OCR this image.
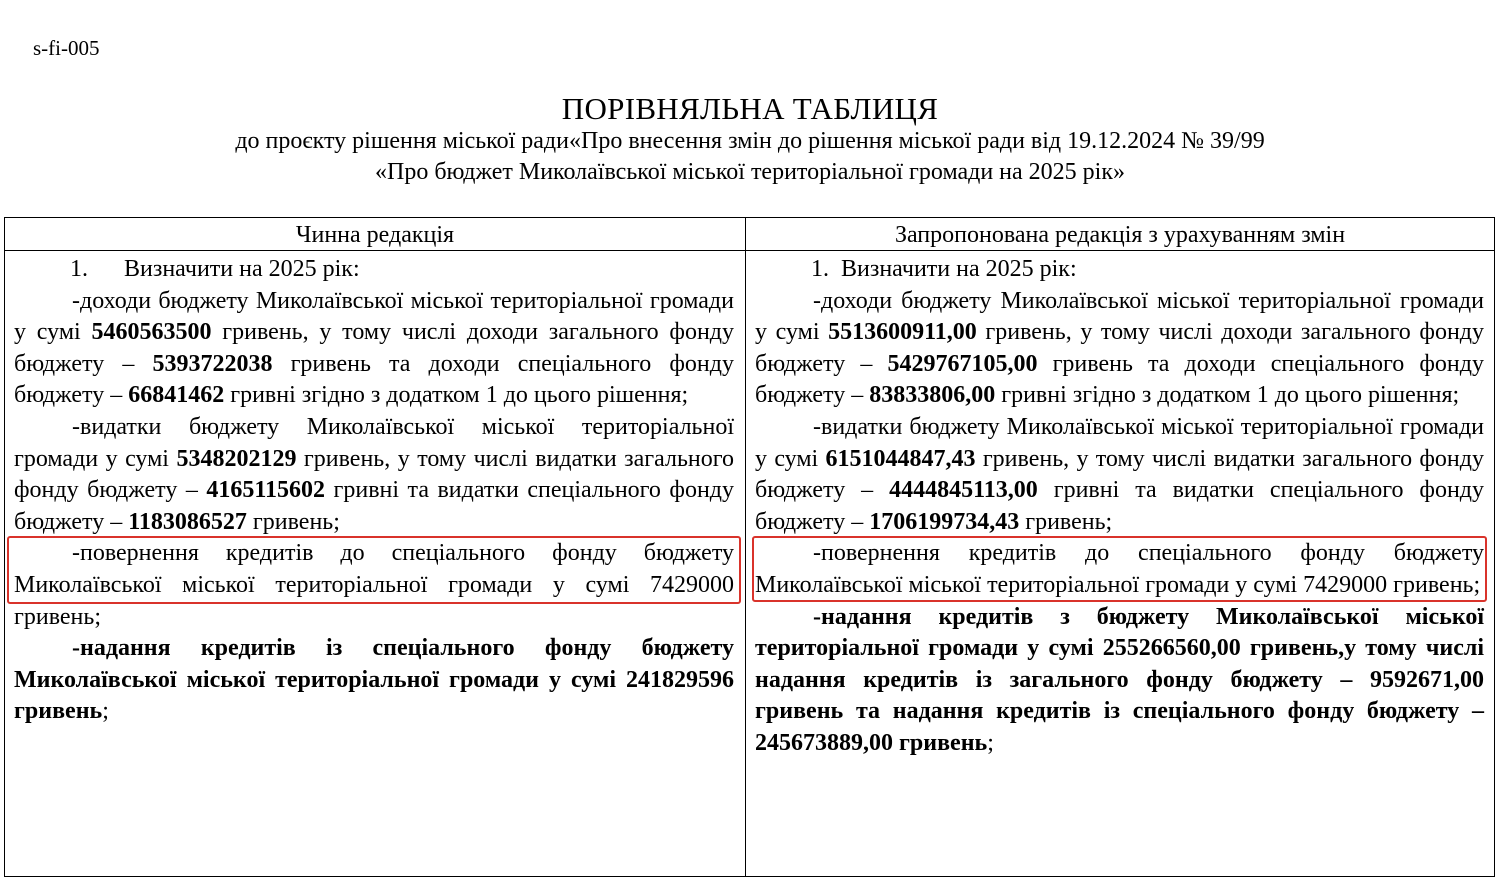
s-fi-005
ПОРІВНЯЛЬНА ТАБЛИЦЯ
до проєкту рішення міської ради«Про внесення змін до рішення міської ради від 19.12.2024 № 39/99
«Про бюджет Миколаївської міської територіальної громади на 2025 рік»
Чинна редакція	Запропонована редакція з урахуванням змін

1.      Визначити на 2025 рік:

-доходи бюджету Миколаївської міської територіальної громади у сумі 5460563500 гривень, у тому числі доходи загального фонду бюджету – 5393722038 гривень та доходи спеціального фонду бюджету – 66841462 гривні згідно з додатком 1 до цього рішення;

-видатки бюджету Миколаївської міської територіальної громади у сумі 5348202129 гривень, у тому числі видатки загального фонду бюджету – 4165115602 гривні та видатки спеціального фонду бюджету – 1183086527 гривень;

-повернення кредитів до спеціального фонду бюджету Миколаївської міської територіальної громади у сумі 7429000 гривень;

-надання кредитів із спеціального фонду бюджету Миколаївської міської територіальної громади у сумі 241829596 гривень;

1.  Визначити на 2025 рік:

-доходи бюджету Миколаївської міської територіальної громади у сумі 5513600911,00 гривень, у тому числі доходи загального фонду бюджету – 5429767105,00 гривень та доходи спеціального фонду бюджету – 83833806,00 гривні згідно з додатком 1 до цього рішення;

-видатки бюджету Миколаївської міської територіальної громади у сумі 6151044847,43 гривень, у тому числі видатки загального фонду бюджету – 4444845113,00 гривні та видатки спеціального фонду бюджету – 1706199734,43 гривень;

-повернення кредитів до спеціального фонду бюджету Миколаївської міської територіальної громади у сумі 7429000 гривень;

-надання кредитів з бюджету Миколаївської міської територіальної громади у сумі 255266560,00 гривень,у тому числі надання кредитів із загального фонду бюджету – 9592671,00 гривень та надання кредитів із спеціального фонду бюджету – 245673889,00 гривень;
